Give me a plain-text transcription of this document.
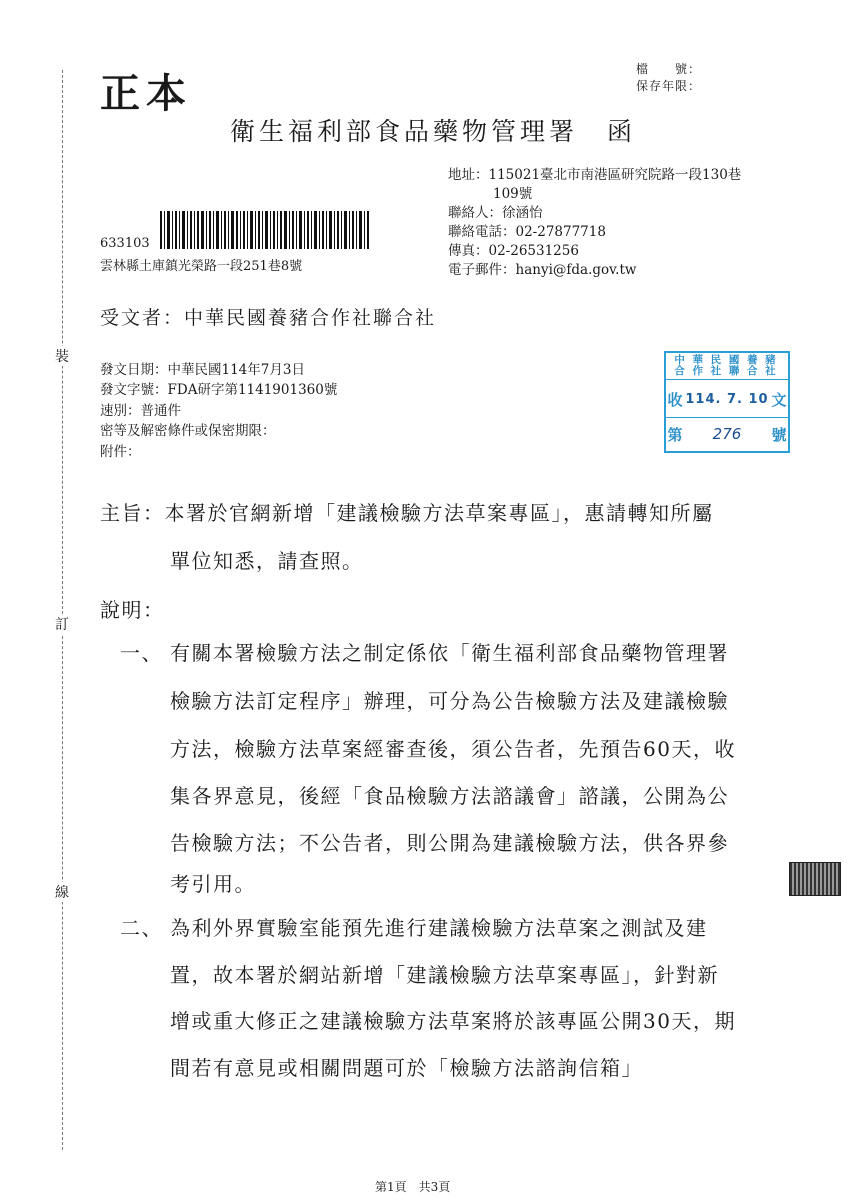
裝
訂
線
正本
檔　　號：
保存年限：
衛生福利部食品藥物管理署　函
地址：115021臺北市南港區研究院路一段130巷
109號
聯絡人：徐涵怡
聯絡電話：02-27877718
傳真：02-26531256
電子郵件：hanyi@fda.gov.tw
633103
雲林縣土庫鎮光榮路一段251巷8號
受文者：中華民國養豬合作社聯合社
發文日期：中華民國114年7月3日
發文字號：FDA研字第1141901360號
速別：普通件
密等及解密條件或保密期限：
附件：
中 華 民 國 養 豬
合 作 社 聯 合 社
收 114. 7. 10 文
第	276	號
主旨：本署於官網新增「建議檢驗方法草案專區」，惠請轉知所屬
單位知悉，請查照。
說明：
一、 有關本署檢驗方法之制定係依「衛生福利部食品藥物管理署
檢驗方法訂定程序」辦理，可分為公告檢驗方法及建議檢驗
方法，檢驗方法草案經審查後，須公告者，先預告60天，收
集各界意見，後經「食品檢驗方法諮議會」諮議，公開為公
告檢驗方法；不公告者，則公開為建議檢驗方法，供各界參
考引用。
二、 為利外界實驗室能預先進行建議檢驗方法草案之測試及建
置，故本署於網站新增「建議檢驗方法草案專區」，針對新
增或重大修正之建議檢驗方法草案將於該專區公開30天，期
間若有意見或相關問題可於「檢驗方法諮詢信箱」
第1頁　共3頁
